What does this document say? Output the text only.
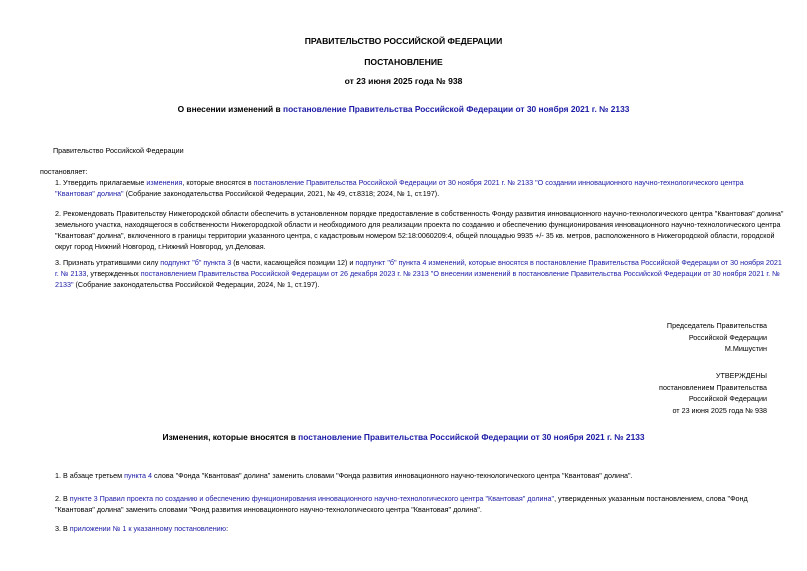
ПРАВИТЕЛЬСТВО РОССИЙСКОЙ ФЕДЕРАЦИИ
ПОСТАНОВЛЕНИЕ
от 23 июня 2025 года № 938
О внесении изменений в постановление Правительства Российской Федерации от 30 ноября 2021 г. № 2133
Правительство Российской Федерации
постановляет:
1. Утвердить прилагаемые изменения, которые вносятся в постановление Правительства Российской Федерации от 30 ноября 2021 г. № 2133 "О создании инновационного научно-технологического центра "Квантовая" долина" (Собрание законодательства Российской Федерации, 2021, № 49, ст.8318; 2024, № 1, ст.197).
2. Рекомендовать Правительству Нижегородской области обеспечить в установленном порядке предоставление в собственность Фонду развития инновационного научно-технологического центра "Квантовая" долина" земельного участка, находящегося в собственности Нижегородской области и необходимого для реализации проекта по созданию и обеспечению функционирования инновационного научно-технологического центра "Квантовая" долина", включенного в границы территории указанного центра, с кадастровым номером 52:18:0060209:4, общей площадью 9935 +/- 35 кв. метров, расположенного в Нижегородской области, городской округ город Нижний Новгород, г.Нижний Новгород, ул.Деловая.
3. Признать утратившими силу подпункт "б" пункта 3 (в части, касающейся позиции 12) и подпункт "б" пункта 4 изменений, которые вносятся в постановление Правительства Российской Федерации от 30 ноября 2021 г. № 2133, утвержденных постановлением Правительства Российской Федерации от 26 декабря 2023 г. № 2313 "О внесении изменений в постановление Правительства Российской Федерации от 30 ноября 2021 г. № 2133" (Собрание законодательства Российской Федерации, 2024, № 1, ст.197).
Председатель Правительства
Российской Федерации
М.Мишустин
УТВЕРЖДЕНЫ
постановлением Правительства
Российской Федерации
от 23 июня 2025 года № 938
Изменения, которые вносятся в постановление Правительства Российской Федерации от 30 ноября 2021 г. № 2133
1. В абзаце третьем пункта 4 слова "Фонда "Квантовая" долина" заменить словами "Фонда развития инновационного научно-технологического центра "Квантовая" долина".
2. В пункте 3 Правил проекта по созданию и обеспечению функционирования инновационного научно-технологического центра "Квантовая" долина", утвержденных указанным постановлением, слова "Фонд "Квантовая" долина" заменить словами "Фонд развития инновационного научно-технологического центра "Квантовая" долина".
3. В приложении № 1 к указанному постановлению:
